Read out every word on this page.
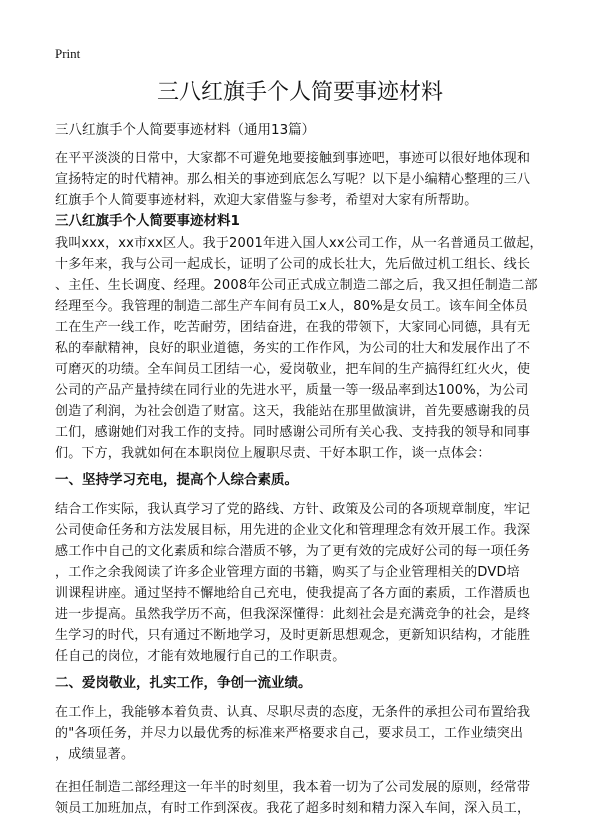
Print
三八红旗手个人简要事迹材料
三八红旗手个人简要事迹材料（通用13篇）
在平平淡淡的日常中，大家都不可避免地要接触到事迹吧，事迹可以很好地体现和
宣扬特定的时代精神。那么相关的事迹到底怎么写呢？以下是小编精心整理的三八
红旗手个人简要事迹材料，欢迎大家借鉴与参考，希望对大家有所帮助。
三八红旗手个人简要事迹材料1
我叫xxx，xx市xx区人。我于2001年进入国人xx公司工作，从一名普通员工做起，
十多年来，我与公司一起成长，证明了公司的成长壮大，先后做过机工组长、线长
、主任、生长调度、经理。2008年公司正式成立制造二部之后，我又担任制造二部
经理至今。我管理的制造二部生产车间有员工x人，80%是女员工。该车间全体员
工在生产一线工作，吃苦耐劳，团结奋进，在我的带领下，大家同心同德，具有无
私的奉献精神，良好的职业道德，务实的工作作风，为公司的壮大和发展作出了不
可磨灭的功绩。全车间员工团结一心，爱岗敬业，把车间的生产搞得红红火火，使
公司的产品产量持续在同行业的先进水平，质量一等一级品率到达100%，为公司
创造了利润，为社会创造了财富。这天，我能站在那里做演讲，首先要感谢我的员
工们，感谢她们对我工作的支持。同时感谢公司所有关心我、支持我的领导和同事
们。下方，我就如何在本职岗位上履职尽责、干好本职工作，谈一点体会：
一、坚持学习充电，提高个人综合素质。
结合工作实际，我认真学习了党的路线、方针、政策及公司的各项规章制度，牢记
公司使命任务和方法发展目标，用先进的企业文化和管理理念有效开展工作。我深
感工作中自己的文化素质和综合潜质不够，为了更有效的完成好公司的每一项任务
，工作之余我阅读了许多企业管理方面的书籍，购买了与企业管理相关的DVD培
训课程讲座。通过坚持不懈地给自己充电，使我提高了各方面的素质，工作潜质也
进一步提高。虽然我学历不高，但我深深懂得：此刻社会是充满竞争的社会，是终
生学习的时代，只有通过不断地学习，及时更新思想观念，更新知识结构，才能胜
任自己的岗位，才能有效地履行自己的工作职责。
二、爱岗敬业，扎实工作，争创一流业绩。
在工作上，我能够本着负责、认真、尽职尽责的态度，无条件的承担公司布置给我
的"各项任务，并尽力以最优秀的标准来严格要求自己，要求员工，工作业绩突出
，成绩显著。
在担任制造二部经理这一年半的时刻里，我本着一切为了公司发展的原则，经常带
领员工加班加点，有时工作到深夜。我花了超多时刻和精力深入车间，深入员工，
